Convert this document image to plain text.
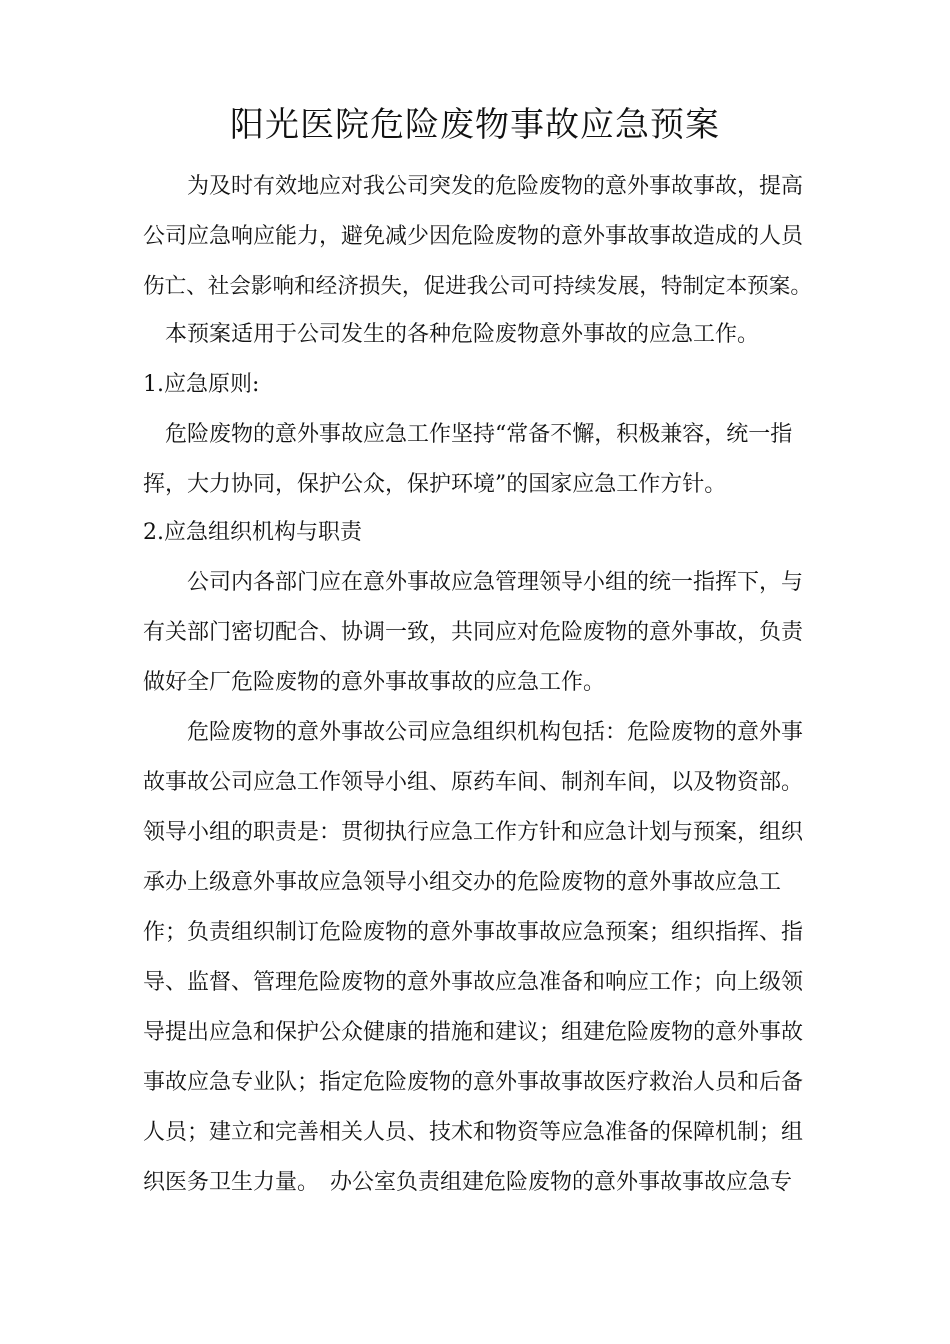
阳光医院危险废物事故应急预案

为及时有效地应对我公司突发的危险废物的意外事故事故，提高

公司应急响应能力，避免减少因危险废物的意外事故事故造成的人员

伤亡、社会影响和经济损失，促进我公司可持续发展，特制定本预案。

本预案适用于公司发生的各种危险废物意外事故的应急工作。

1.应急原则:

危险废物的意外事故应急工作坚持“常备不懈，积极兼容，统一指

挥，大力协同，保护公众，保护环境”的国家应急工作方针。

2.应急组织机构与职责

公司内各部门应在意外事故应急管理领导小组的统一指挥下，与

有关部门密切配合、协调一致，共同应对危险废物的意外事故，负责

做好全厂危险废物的意外事故事故的应急工作。

危险废物的意外事故公司应急组织机构包括：危险废物的意外事

故事故公司应急工作领导小组、原药车间、制剂车间，以及物资部。

领导小组的职责是：贯彻执行应急工作方针和应急计划与预案，组织

承办上级意外事故应急领导小组交办的危险废物的意外事故应急工

作；负责组织制订危险废物的意外事故事故应急预案；组织指挥、指

导、监督、管理危险废物的意外事故应急准备和响应工作；向上级领

导提出应急和保护公众健康的措施和建议；组建危险废物的意外事故

事故应急专业队；指定危险废物的意外事故事故医疗救治人员和后备

人员；建立和完善相关人员、技术和物资等应急准备的保障机制；组

织医务卫生力量。　办公室负责组建危险废物的意外事故事故应急专
